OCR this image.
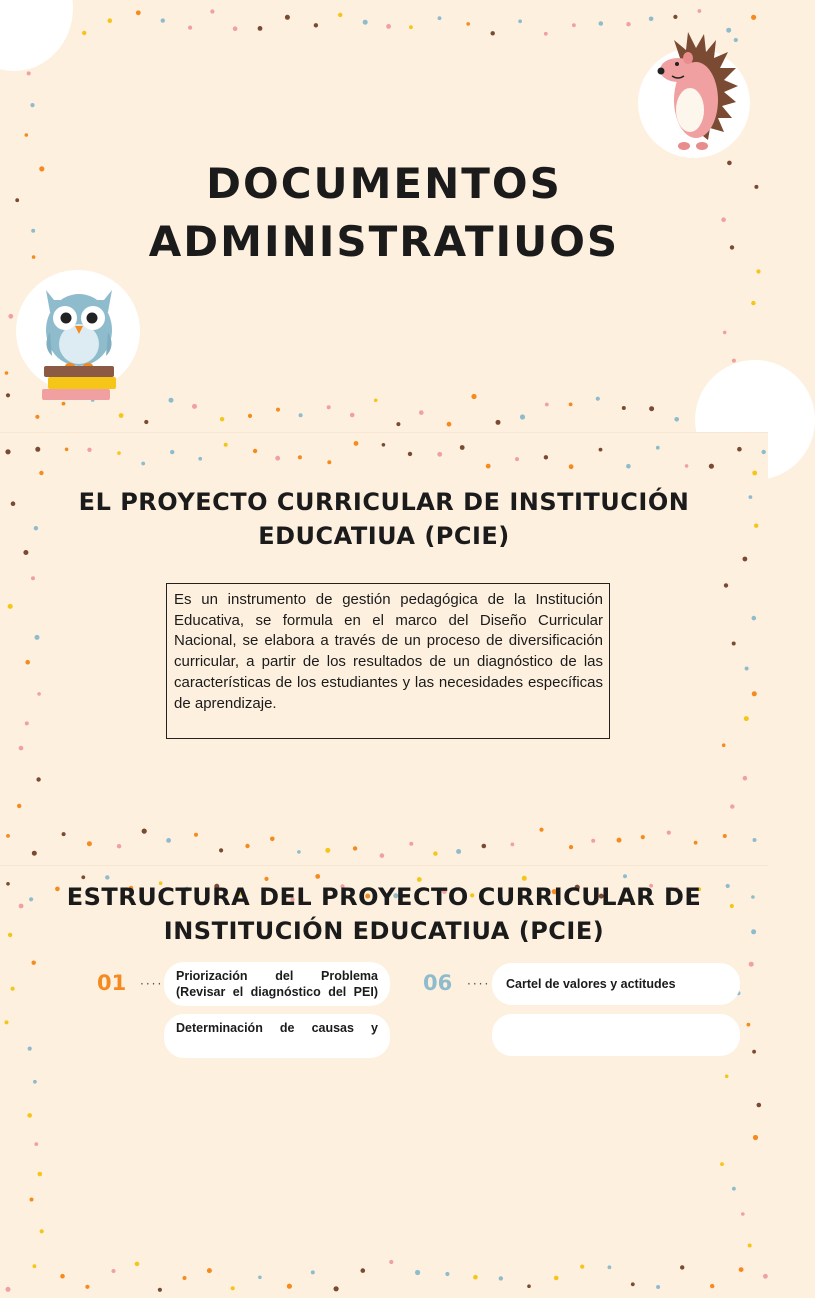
DOCUMENTOS
ADMINISTRATIUOS
EL PROYECTO CURRICULAR DE INSTITUCIÓN
EDUCATIUA (PCIE)
Es un instrumento de gestión pedagógica de la Institución Educativa, se formula en el marco del Diseño Curricular Nacional, se elabora a través de un proceso de diversificación curricular, a partir de los resultados de un diagnóstico de las características de los estudiantes y las necesidades específicas de aprendizaje.
ESTRUCTURA DEL PROYECTO CURRICULAR DE
INSTITUCIÓN EDUCATIUA (PCIE)
01 ····
Priorización del Problema
(Revisar el diagnóstico del PEI) 06 ···· Cartel de valores y actitudes
Determinación de causas y
